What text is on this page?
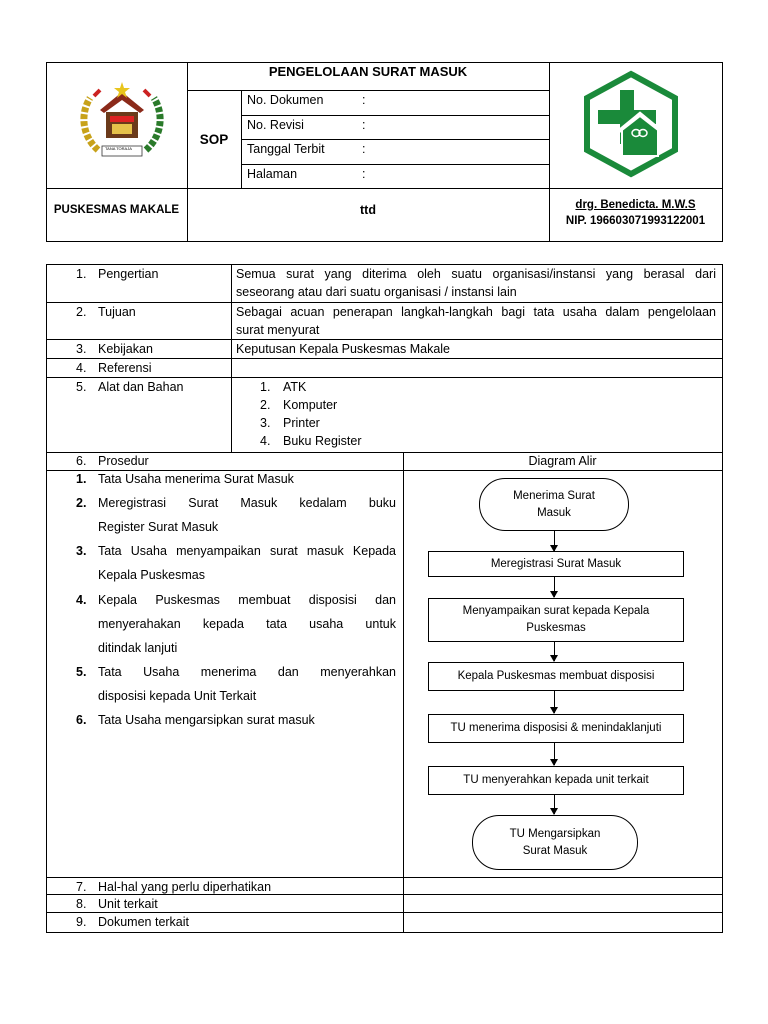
TANA TORAJA
PENGELOLAAN SURAT MASUK
SOP
No. Dokumen	:
No. Revisi	:
Tanggal Terbit	:
Halaman	:
PUSKESMAS MAKALE	ttd	drg. Benedicta. M.W.S
NIP. 196603071993122001
1. Pengertian	Semua surat yang diterima oleh suatu organisasi/instansi yang berasal dari
seseorang atau dari suatu organisasi / instansi lain
2. Tujuan	Sebagai acuan penerapan langkah-langkah bagi tata usaha dalam pengelolaan
surat menyurat
3. Kebijakan	Keputusan Kepala Puskesmas Makale
4. Referensi
5. Alat dan Bahan	1. ATK
2. Komputer
3. Printer
4. Buku Register
6. Prosedur	Diagram Alir
1. Tata Usaha menerima Surat Masuk
2. Meregistrasi Surat Masuk kedalam buku
Register Surat Masuk
3. Tata Usaha menyampaikan surat masuk Kepada
Kepala Puskesmas
4. Kepala Puskesmas membuat disposisi dan
menyerahakan kepada tata usaha untuk
ditindak lanjuti
5. Tata Usaha menerima dan menyerahkan
disposisi kepada Unit Terkait
6. Tata Usaha mengarsipkan surat masuk
Menerima Surat
Masuk
Meregistrasi Surat Masuk
Menyampaikan surat kepada Kepala
Puskesmas
Kepala Puskesmas membuat disposisi
TU menerima disposisi & menindaklanjuti
TU menyerahkan kepada unit terkait
TU Mengarsipkan
Surat Masuk
7. Hal-hal yang perlu diperhatikan
8. Unit terkait
9. Dokumen terkait
